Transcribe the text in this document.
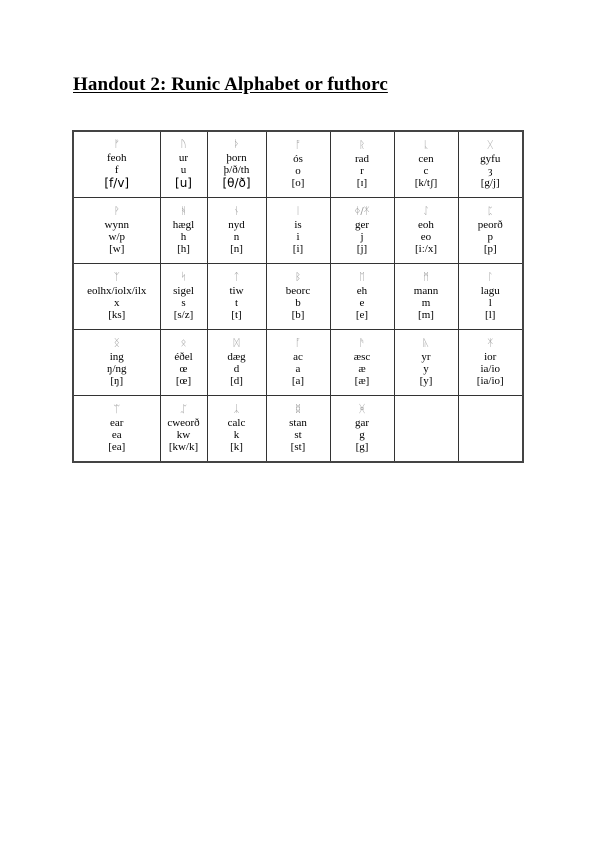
Handout 2: Runic Alphabet or futhorc
ᚠ
feoh
f
[f/v]	ᚢ
ur
u
[u]	ᚦ
þorn
þ/ð/th
[θ/ð]	ᚩ
ós
o
[o]	ᚱ
rad
r
[ɪ]	ᚳ
cen
c
[k/tʃ]	ᚷ
gyfu
ȝ
[g/j]

ᚹ
wynn
w/p
[w]	ᚻ
hægl
h
[h]	ᚾ
nyd
n
[n]	ᛁ
is
i
[i]	ᛄ/ᛡ
ger
j
[j]	ᛇ
eoh
eo
[iː/x]	ᛈ
peorð
p
[p]

ᛉ
eolhx/iolx/ilx
x
[ks]	ᛋ
sigel
s
[s/z]	ᛏ
tiw
t
[t]	ᛒ
beorc
b
[b]	ᛖ
eh
e
[e]	ᛗ
mann
m
[m]	ᛚ
lagu
l
[l]

ᛝ
ing
ŋ/ng
[ŋ]	ᛟ
éðel
œ
[œ]	ᛞ
dæg
d
[d]	ᚪ
ac
a
[a]	ᚫ
æsc
æ
[æ]	ᚣ
yr
y
[y]	ᛡ
ior
ia/io
[ia/io]

ᛠ
ear
ea
[ea]	ᛢ
cweorð
kw
[kw/k]	ᛣ
calc
k
[k]	ᛥ
stan
st
[st]	ᚸ
gar
g
[g]		
